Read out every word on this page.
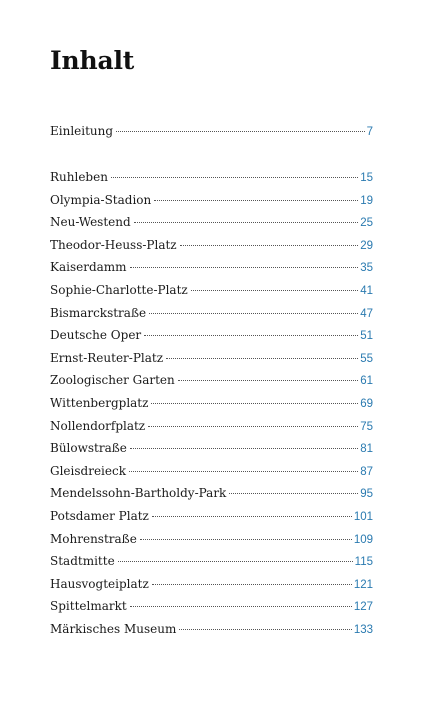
Inhalt
Einleitung	7
Ruhleben	15
Olympia-Stadion	19
Neu-Westend	25
Theodor-Heuss-Platz	29
Kaiserdamm	35
Sophie-Charlotte-Platz	41
Bismarckstraße	47
Deutsche Oper	51
Ernst-Reuter-Platz	55
Zoologischer Garten	61
Wittenbergplatz	69
Nollendorfplatz	75
Bülowstraße	81
Gleisdreieck	87
Mendelssohn-Bartholdy-Park	95
Potsdamer Platz	101
Mohrenstraße	109
Stadtmitte	115
Hausvogteiplatz	121
Spittelmarkt	127
Märkisches Museum	133
